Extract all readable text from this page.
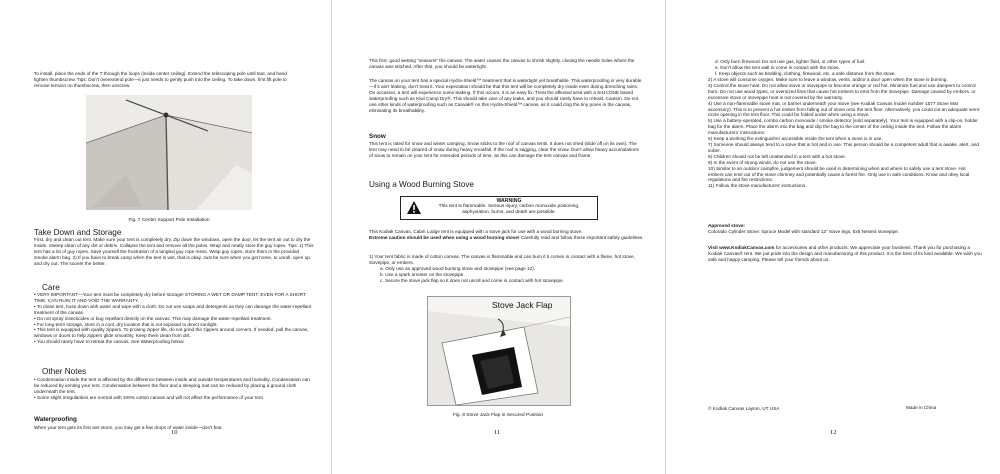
To install, place the ends of the T through the loops (inside center ceiling). Extend the telescoping pole until taut, and hand tighten thumbscrew. Tips: Don't overextend pole—it just needs to gently push into the ceiling. To take down, first lift pole to remove tension on thumbscrew, then unscrew

Fig. 7 Center Support Pole Installation

Take Down and Storage

First, dry and clean out tent. Make sure your tent is completely dry. Zip down the windows, open the door, let the tent air out to dry the inside. Sweep clean of any dirt or debris. Collapse the tent and remove all the poles. Wrap and neatly store the guy ropes. Tips: 1) This tent has a lot of guy ropes. Save yourself the frustration of a tangled guy rope mess. Wrap guy ropes, store them in the provided smoke alarm bag. 2) If you have to break camp when the tent is wet, that is okay. Just be sure when you get home, to unroll, open up, and dry out. The sooner the better.

Care
• VERY IMPORTANT—Your tent must be completely dry before storage! STORING A WET OR DAMP TENT, EVEN FOR A SHORT TIME, CAN RUIN IT AND VOID THE WARRANTY.
• To clean tent, hose down with water and wipe with a cloth. Do not use soaps and detergents as they can damage the water-repellant treatment of the canvas.
• Do not spray insecticides or bug repellant directly on the canvas. This may damage the water-repellant treatment.
• For long-term storage, store in a cool, dry location that is not exposed to direct sunlight.
• This tent is equipped with quality zippers. To prolong zipper life, do not grind the zippers around corners. If needed, pull the canvas, windows or doors to help zippers glide smoothly. Keep them clean from dirt.
• You should rarely have to retreat the canvas. See Waterproofing below.
Other Notes
• Condensation inside the tent is affected by the difference between inside and outside temperatures and humidity. Condensation can be reduced by venting your tent. Condensation between the floor and a sleeping mat can be reduced by placing a ground cloth underneath the tent.
• Some slight irregularities are normal with 100% cotton canvas and will not affect the performance of your tent.
Waterproofing

When your tent gets its first wet storm, you may get a few drops of water inside—don't fear.

10

This first, good wetting "seasons" the canvas. The water causes the canvas to shrink slightly, closing the needle holes where the canvas was stitched. After that, you should be watertight.

The canvas on your tent has a special Hydra-Shield™ treatment that is watertight yet breathable. This waterproofing is very durable—if it ain't leaking, don't treat it. Your expectation should be that this tent will be completely dry inside even during drenching rains. On occasion, a tent will experience some leaking. If this occurs, it is an easy fix. Treat the affected area with a SILICONE based waterproofing such as Kiwi Camp Dry®. This should take care of any leaks, and you should rarely have to retreat. Caution. Do not use other kinds of waterproofing such as Canvak® on this Hydra-Shield™ canvas, as it could clog the tiny pores in the canvas, eliminating its breathability.

Snow

This tent is rated for snow and winter camping. Snow sticks to the roof of canvas tents. It does not shed (slide off on its own). The tent may need to be cleared of snow during heavy snowfall. If the roof is sagging, clear the snow. Don't allow heavy accumulations of snow to remain on your tent for extended periods of time, as this can damage the tent canvas and frame.

Using a Wood Burning Stove
WARNING
This tent is flammable. Serious injury, carbon monoxide poisoning, asphyxiation, burns, and death are possible.

This Kodiak Canvas, Cabin Lodge tent is equipped with a stove jack for use with a wood burning stove.
Extreme caution should be used when using a wood burning stove! Carefully read and follow these important safety guidelines.

1) Your tent fabric is made of cotton canvas. The canvas is flammable and can burn if it comes in contact with a flame, hot stove, stovepipe, or embers.

a. Only use an approved wood burning stove and stovepipe (see page 12).
b. Use a spark arrester on the stovepipe.
c. Secure the stove jack flap so it does not unroll and come in contact with hot stovepipe.
Stove Jack Flap

Fig. 8 Stove Jack Flap in Secured Position

11
d. Only burn firewood. Do not use gas, lighter fluid, or other types of fuel.
e. Don't allow the tent wall to come in contact with the stove.
f. Keep objects such as bedding, clothing, firewood, etc. a safe distance from the stove.
2) A stove will consume oxygen. Make sure to leave a window, vents, and/or a door open when the stove is burning.
3) Control the stove heat. Do not allow stove or stovepipe to become orange or red hot. Minimize fuel and use dampers to control burn. Do not use wood types, or oversized fires that cause hot embers to emit from the stovepipe. Damage caused by embers, or excessive stove or stovepipe heat is not covered by the warranty.
4) Use a non-flammable stove mat, or barrier underneath your stove (see Kodiak Canvas model number 1577 Stove Mat accessory). This is to prevent a hot ember from falling out of stove onto the tent floor. Alternatively, you could cut an adequate semi-circle opening in the tent floor. This could be folded under when using a stove.
5) Use a battery-operated, combo carbon monoxide / smoke detector (sold separately). Your tent is equipped with a clip-on, holder bag for the alarm. Place the alarm into the bag and clip the bag to the center of the ceiling inside the tent. Follow the alarm manufacturers' instructions.
6) Keep a working fire extinguisher accessible inside the tent when a stove is in use.
7) Someone should always tend to a stove that is hot and in use. This person should be a competent adult that is awake, alert, and sober.
8) Children should not be left unattended in a tent with a hot stove.
9) In the event of strong winds, do not use the stove.
10) Similar to an outdoor campfire, judgement should be used in determining when and where to safely use a tent stove. Hot embers can emit out of the stove chimney and potentially cause a forest fire. Only use in safe conditions. Know and obey local regulations and fire restrictions.
11) Follow the stove manufactures' instructions.

Approved stove:
Colorado Cylinder Stove: Spruce Model with standard 12" stove legs, 5x6 Nested stovepipe.

Visit www.KodiakCanvas.com for accessories and other products. We appreciate your business. Thank you for purchasing a Kodiak Canvas® tent. We put pride into the design and manufacturing of this product. It is the best of its kind available. We wish you safe and happy camping. Please tell your friends about us.

© Kodiak Canvas Layton, UT USA	Made in China
12
